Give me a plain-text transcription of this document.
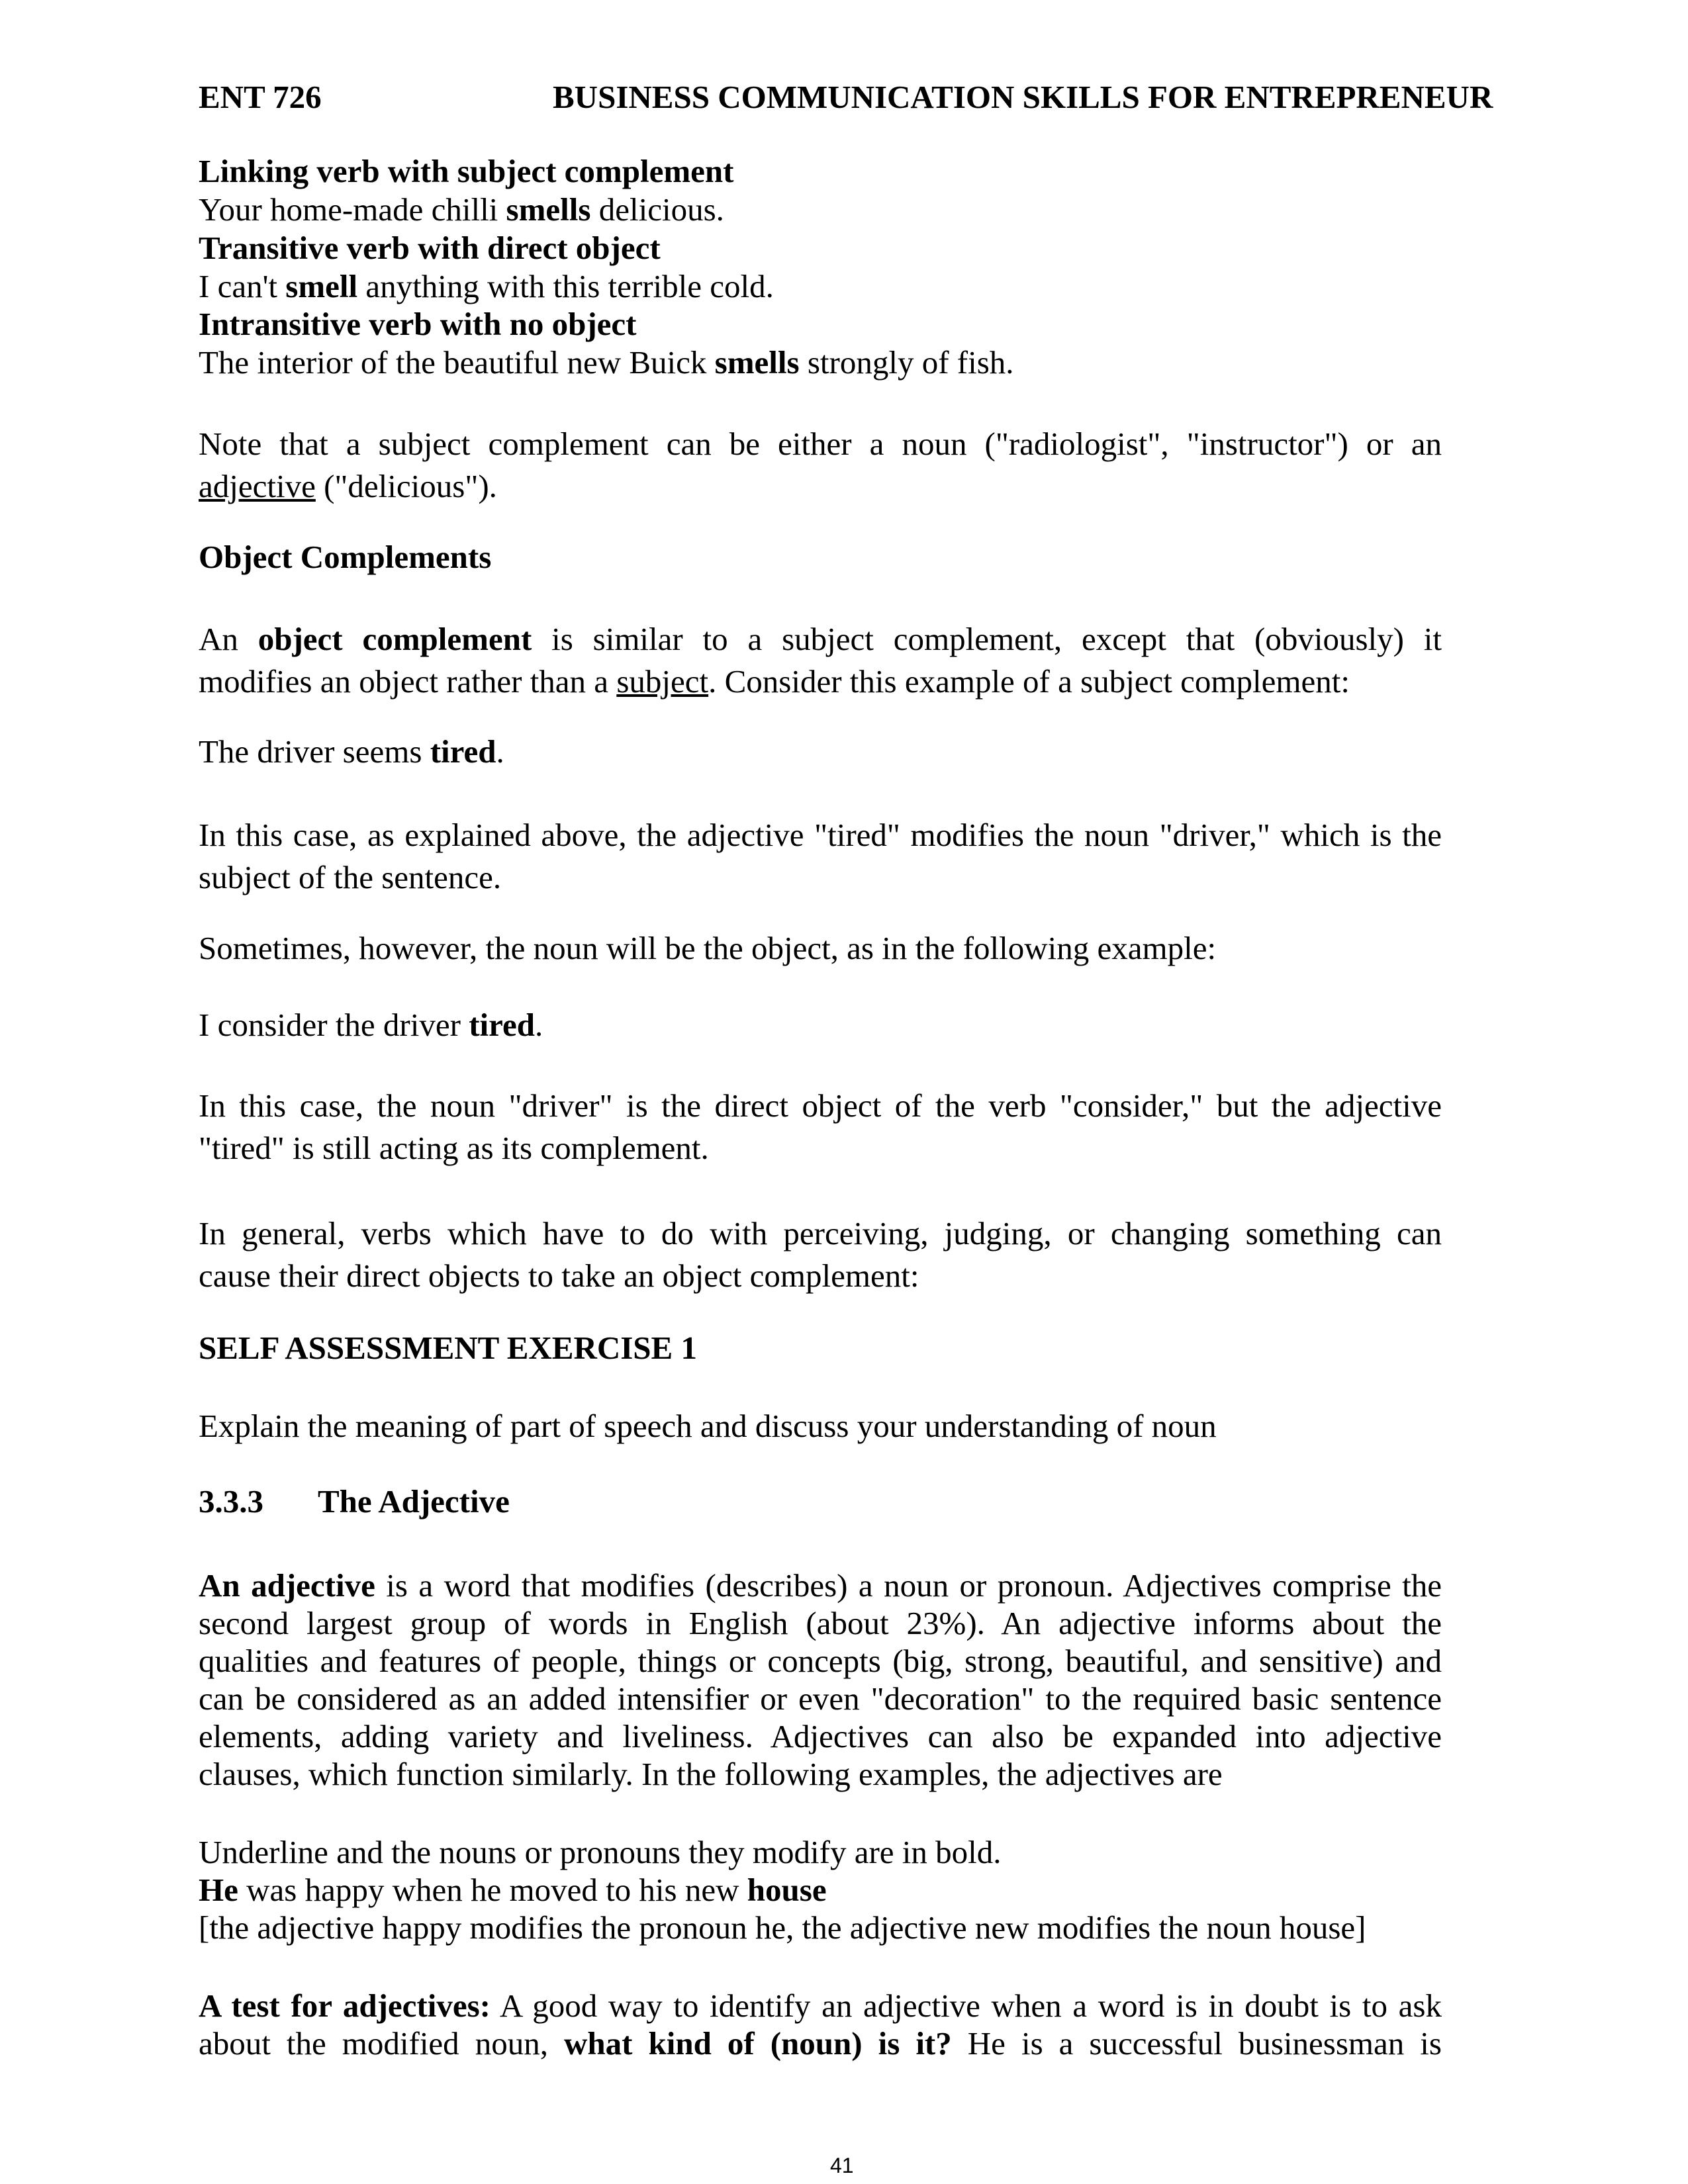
ENT 726	BUSINESS COMMUNICATION SKILLS FOR ENTREPRENEUR
Linking verb with subject complement
Your home-made chilli smells delicious.
Transitive verb with direct object
I can't smell anything with this terrible cold.
Intransitive verb with no object
The interior of the beautiful new Buick smells strongly of fish.
Note that a subject complement can be either a noun ("radiologist", "instructor") or an
adjective ("delicious").
Object Complements
An object complement is similar to a subject complement, except that (obviously) it
modifies an object rather than a subject. Consider this example of a subject complement:
The driver seems tired.
In this case, as explained above, the adjective "tired" modifies the noun "driver," which is the
subject of the sentence.
Sometimes, however, the noun will be the object, as in the following example:
I consider the driver tired.
In this case, the noun "driver" is the direct object of the verb "consider," but the adjective
"tired" is still acting as its complement.
In general, verbs which have to do with perceiving, judging, or changing something can
cause their direct objects to take an object complement:
SELF ASSESSMENT EXERCISE 1
Explain the meaning of part of speech and discuss your understanding of noun
3.3.3 The Adjective
An adjective is a word that modifies (describes) a noun or pronoun. Adjectives comprise the
second largest group of words in English (about 23%). An adjective informs about the
qualities and features of people, things or concepts (big, strong, beautiful, and sensitive) and
can be considered as an added intensifier or even "decoration" to the required basic sentence
elements, adding variety and liveliness. Adjectives can also be expanded into adjective
clauses, which function similarly. In the following examples, the adjectives are
Underline and the nouns or pronouns they modify are in bold.
He was happy when he moved to his new house
[the adjective happy modifies the pronoun he, the adjective new modifies the noun house]
A test for adjectives: A good way to identify an adjective when a word is in doubt is to ask
about the modified noun, what kind of (noun) is it? He is a successful businessman is
41
